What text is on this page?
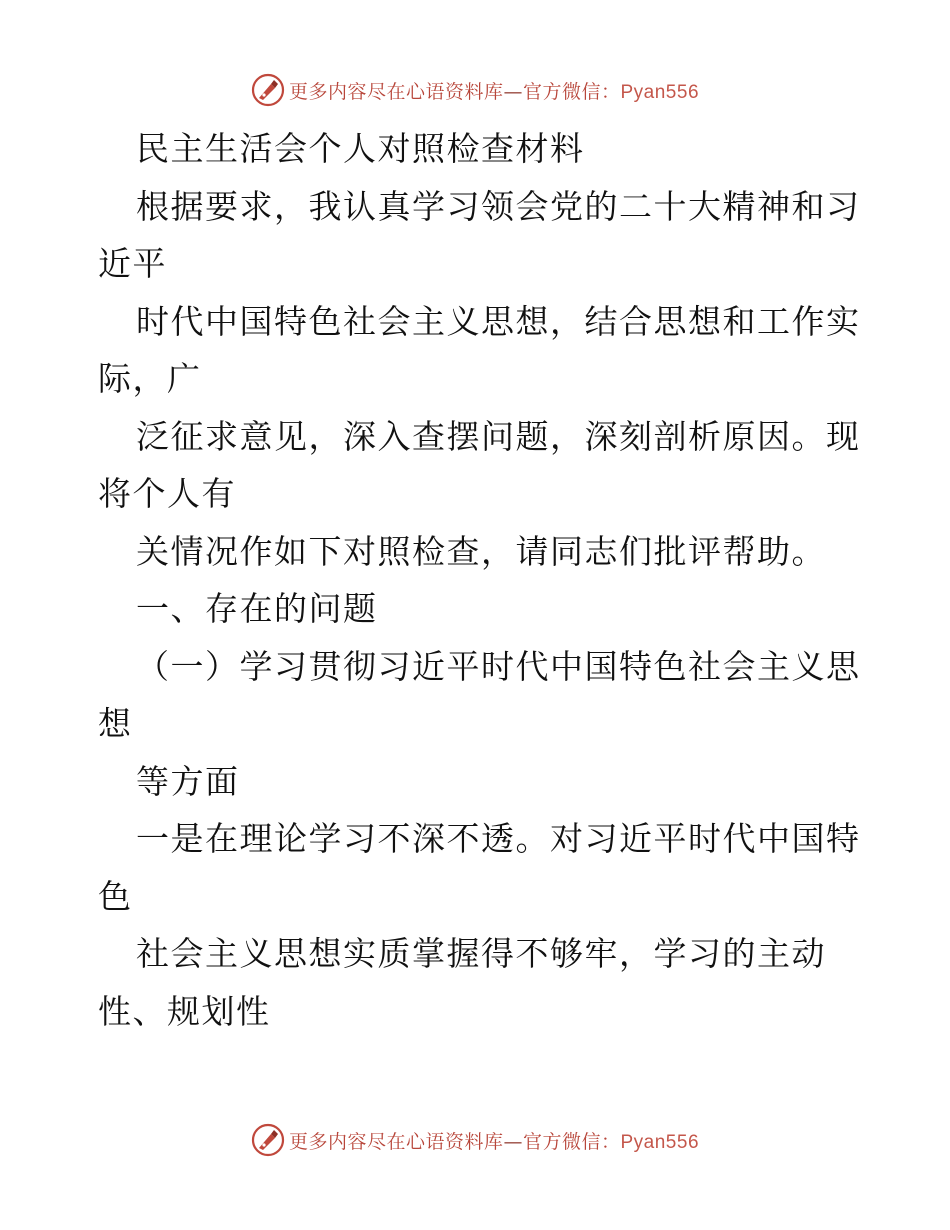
更多内容尽在心语资料库—官方微信：Pyan556
民主生活会个人对照检查材料
根据要求，我认真学习领会党的二十大精神和习
近平
时代中国特色社会主义思想，结合思想和工作实
际，广
泛征求意见，深入查摆问题，深刻剖析原因。现
将个人有
关情况作如下对照检查，请同志们批评帮助。
一、存在的问题
（一）学习贯彻习近平时代中国特色社会主义思
想
等方面
一是在理论学习不深不透。对习近平时代中国特
色
社会主义思想实质掌握得不够牢，学习的主动
性、规划性
更多内容尽在心语资料库—官方微信：Pyan556
